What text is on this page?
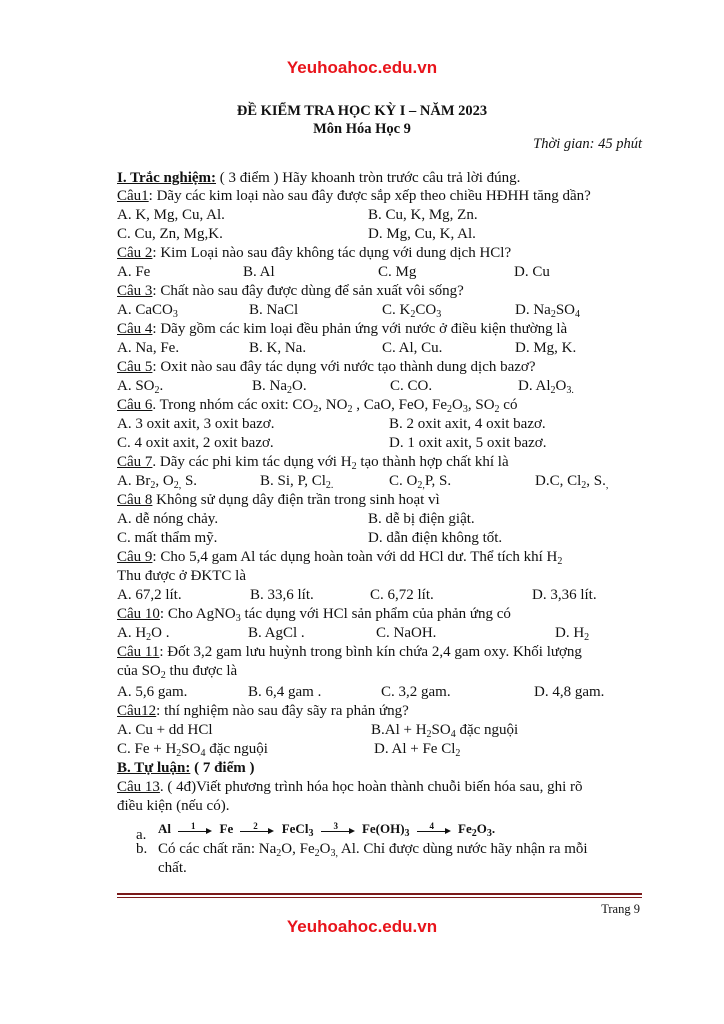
Yeuhoahoc.edu.vn
ĐỀ KIỂM TRA HỌC KỲ I – NĂM 2023
Môn Hóa Học 9
Thời gian: 45 phút
I. Trắc nghiệm: ( 3 điểm ) Hãy khoanh tròn trước câu trả lời đúng.
Câu1: Dãy các kim loại nào sau đây được sắp xếp theo chiều HĐHH tăng dần?
A. K, Mg, Cu, Al.	B. Cu, K, Mg, Zn.
C. Cu, Zn, Mg,K.	D. Mg, Cu, K, Al.
Câu 2: Kim Loại nào sau đây không tác dụng với dung dịch HCl?
A. Fe	B. Al	C. Mg	D. Cu
Câu 3: Chất nào sau đây được dùng để sản xuất vôi sống?
A. CaCO$_3$	B. NaCl	C. $K_2CO_3$	D. $Na_2SO_4$
Câu 4: Dãy gồm các kim loại đều phản ứng với nước ở điều kiện thường là
A. Na, Fe.	B. K, Na.	C. Al, Cu.	D. Mg, K.
Câu 5: Oxit nào sau đây tác dụng với nước tạo thành dung dịch bazơ?
A. $SO_2$.	B. $Na_2O$.	C. CO.	D. $Al_2O_{3.}$
Câu 6. Trong nhóm các oxit: $CO_2$, $NO_2$ , CaO, FeO, $Fe_2O_3$, $SO_2$ có
A. 3 oxit axit, 3 oxit bazơ.	B. 2 oxit axit, 4 oxit bazơ.
C. 4 oxit axit, 2 oxit bazơ.	D. 1 oxit axit, 5 oxit bazơ.
Câu 7. Dãy các phi kim tác dụng với $H_2$ tạo thành hợp chất khí là
A. $Br_2$, $O_{2,}$ S.	B. Si, P, $Cl_{2.}$	C. $O_{2,}P$, S.	D.C, $Cl_2$, $S._,$
Câu 8 Không sử dụng dây điện trần trong sinh hoạt vì
A. dễ nóng chảy.	B. dễ bị điện giật.
C. mất thẩm mỹ.	D. dẫn điện không tốt.
Câu 9: Cho 5,4 gam Al tác dụng hoàn toàn với dd HCl dư. Thể tích khí $H_2$
Thu được ở ĐKTC là
A. 67,2 lít.	B. 33,6 lít.	C. 6,72 lít.	D. 3,36 lít.
Câu 10: Cho AgNO$_3$ tác dụng với HCl sản phẩm của phản ứng có
A. $H_2O$ .	B. AgCl .	C. NaOH.	D. $H_2$
Câu 11: Đốt 3,2 gam lưu huỳnh trong bình kín chứa 2,4 gam oxy. Khối lượng
của $SO_2$ thu được là
A. 5,6 gam.	B. 6,4 gam .	C. 3,2 gam.	D. 4,8 gam.
Câu12: thí nghiệm nào sau đây sãy ra phản ứng?
A. Cu + dd HCl	$B.Al + H_2SO_4$ đặc nguội
C. $Fe + H_2SO_4$ đặc nguội	D. Al + Fe $Cl_2$
B. Tự luận: ( 7 điểm )
Câu 13. ( 4đ)Viết phương trình hóa học hoàn thành chuỗi biến hóa sau, ghi rõ
điều kiện (nếu có).
a. Al	1	Fe	2	FeCl$_3$
3	$Fe(OH)_3$
4	$Fe_2O_3$.
b. Có các chất răn: $Na_2O$, $Fe_2O_{3,}$ Al. Chỉ được dùng nước hãy nhận ra mỗi
chất.
Trang 9
Yeuhoahoc.edu.vn
